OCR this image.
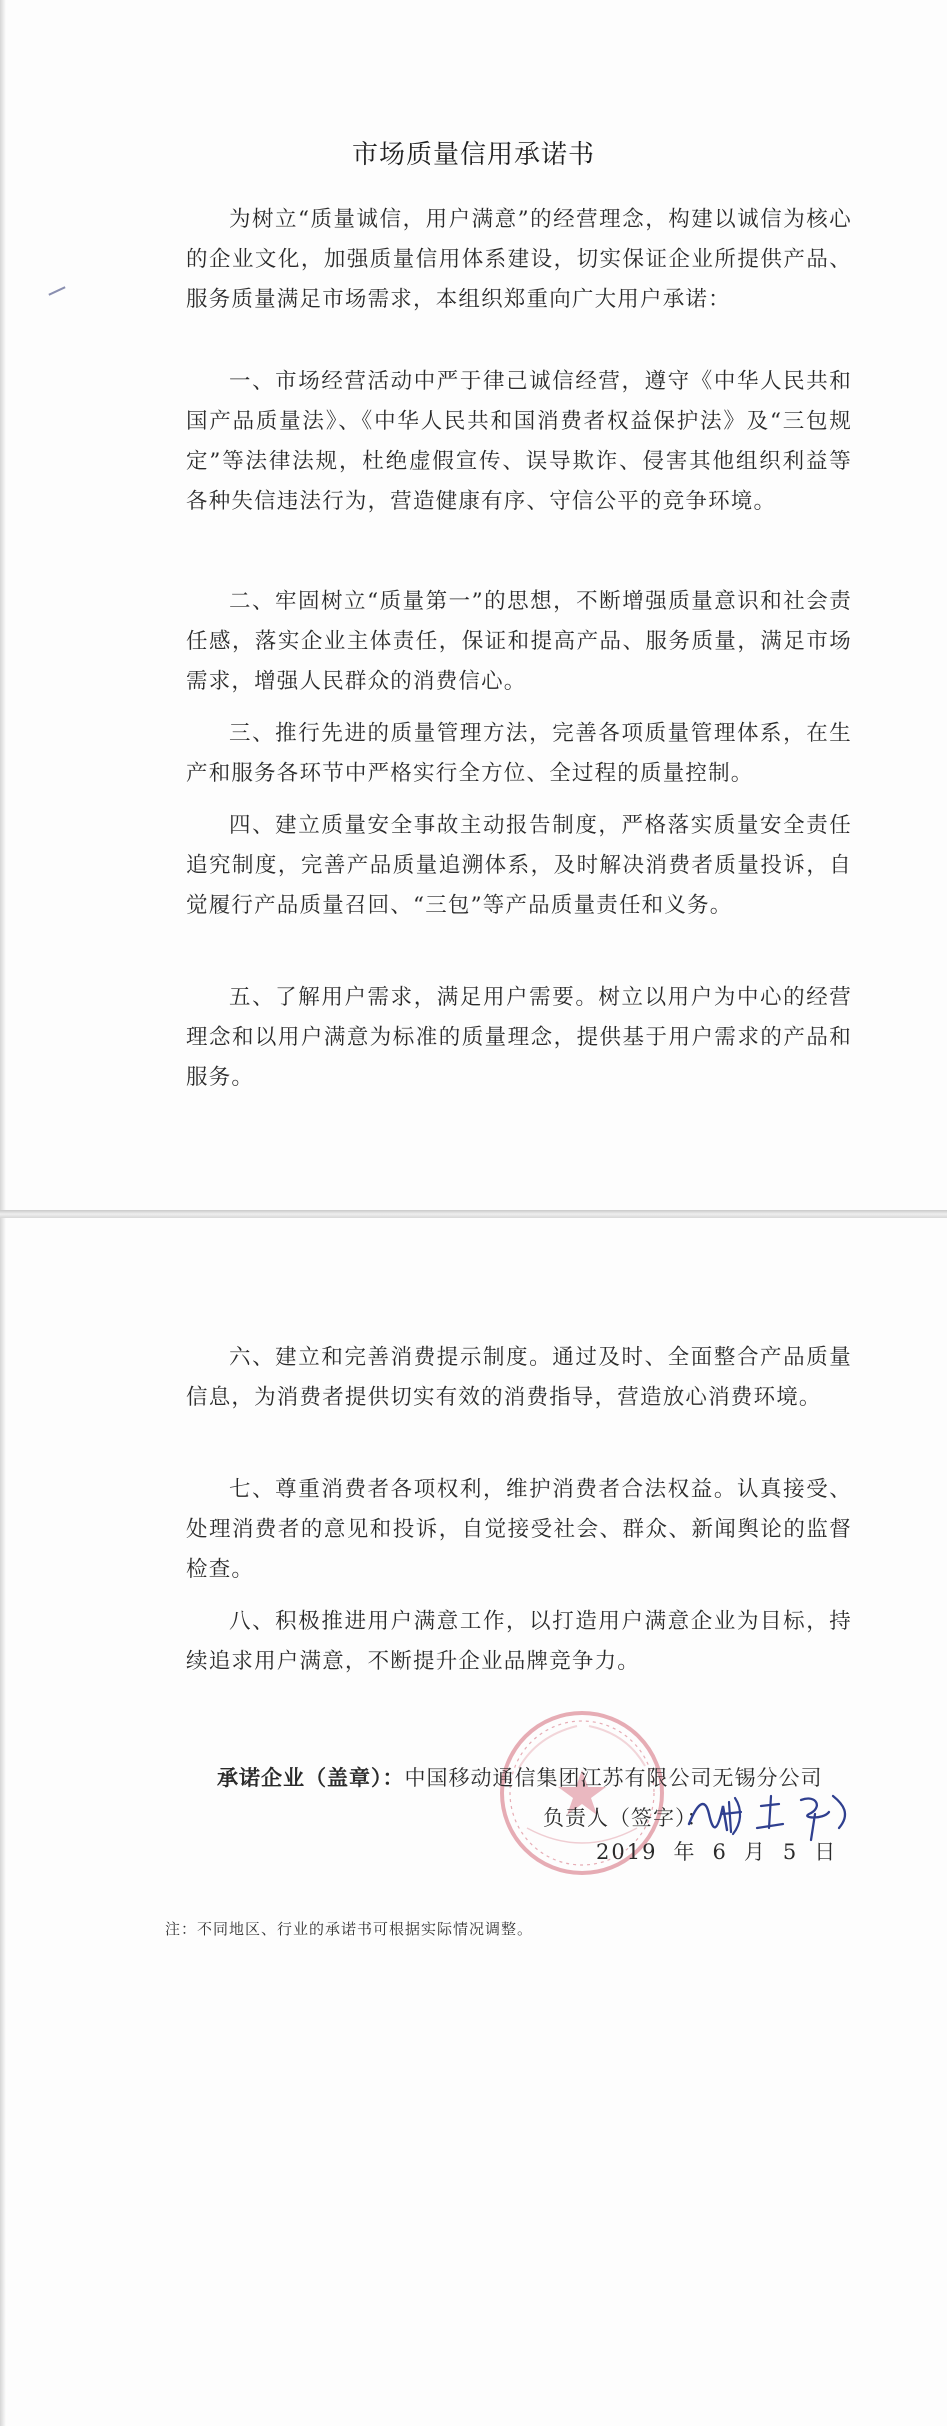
市场质量信用承诺书

为树立“质量诚信，用户满意”的经营理念，构建以诚信为核心的企业文化，加强质量信用体系建设，切实保证企业所提供产品、服务质量满足市场需求，本组织郑重向广大用户承诺：

一、市场经营活动中严于律己诚信经营，遵守《中华人民共和国产品质量法》、《中华人民共和国消费者权益保护法》及“三包规定”等法律法规，杜绝虚假宣传、误导欺诈、侵害其他组织利益等各种失信违法行为，营造健康有序、守信公平的竞争环境。

二、牢固树立“质量第一”的思想，不断增强质量意识和社会责任感，落实企业主体责任，保证和提高产品、服务质量，满足市场需求，增强人民群众的消费信心。

三、推行先进的质量管理方法，完善各项质量管理体系，在生产和服务各环节中严格实行全方位、全过程的质量控制。

四、建立质量安全事故主动报告制度，严格落实质量安全责任追究制度，完善产品质量追溯体系，及时解决消费者质量投诉，自觉履行产品质量召回、“三包”等产品质量责任和义务。

五、了解用户需求，满足用户需要。树立以用户为中心的经营理念和以用户满意为标准的质量理念，提供基于用户需求的产品和服务。

六、建立和完善消费提示制度。通过及时、全面整合产品质量信息，为消费者提供切实有效的消费指导，营造放心消费环境。

七、尊重消费者各项权利，维护消费者合法权益。认真接受、处理消费者的意见和投诉，自觉接受社会、群众、新闻舆论的监督检查。

八、积极推进用户满意工作，以打造用户满意企业为目标，持续追求用户满意，不断提升企业品牌竞争力。

承诺企业（盖章）：中国移动通信集团江苏有限公司无锡分公司
负责人（签字）：
2019 年 6 月 5 日
注：不同地区、行业的承诺书可根据实际情况调整。
